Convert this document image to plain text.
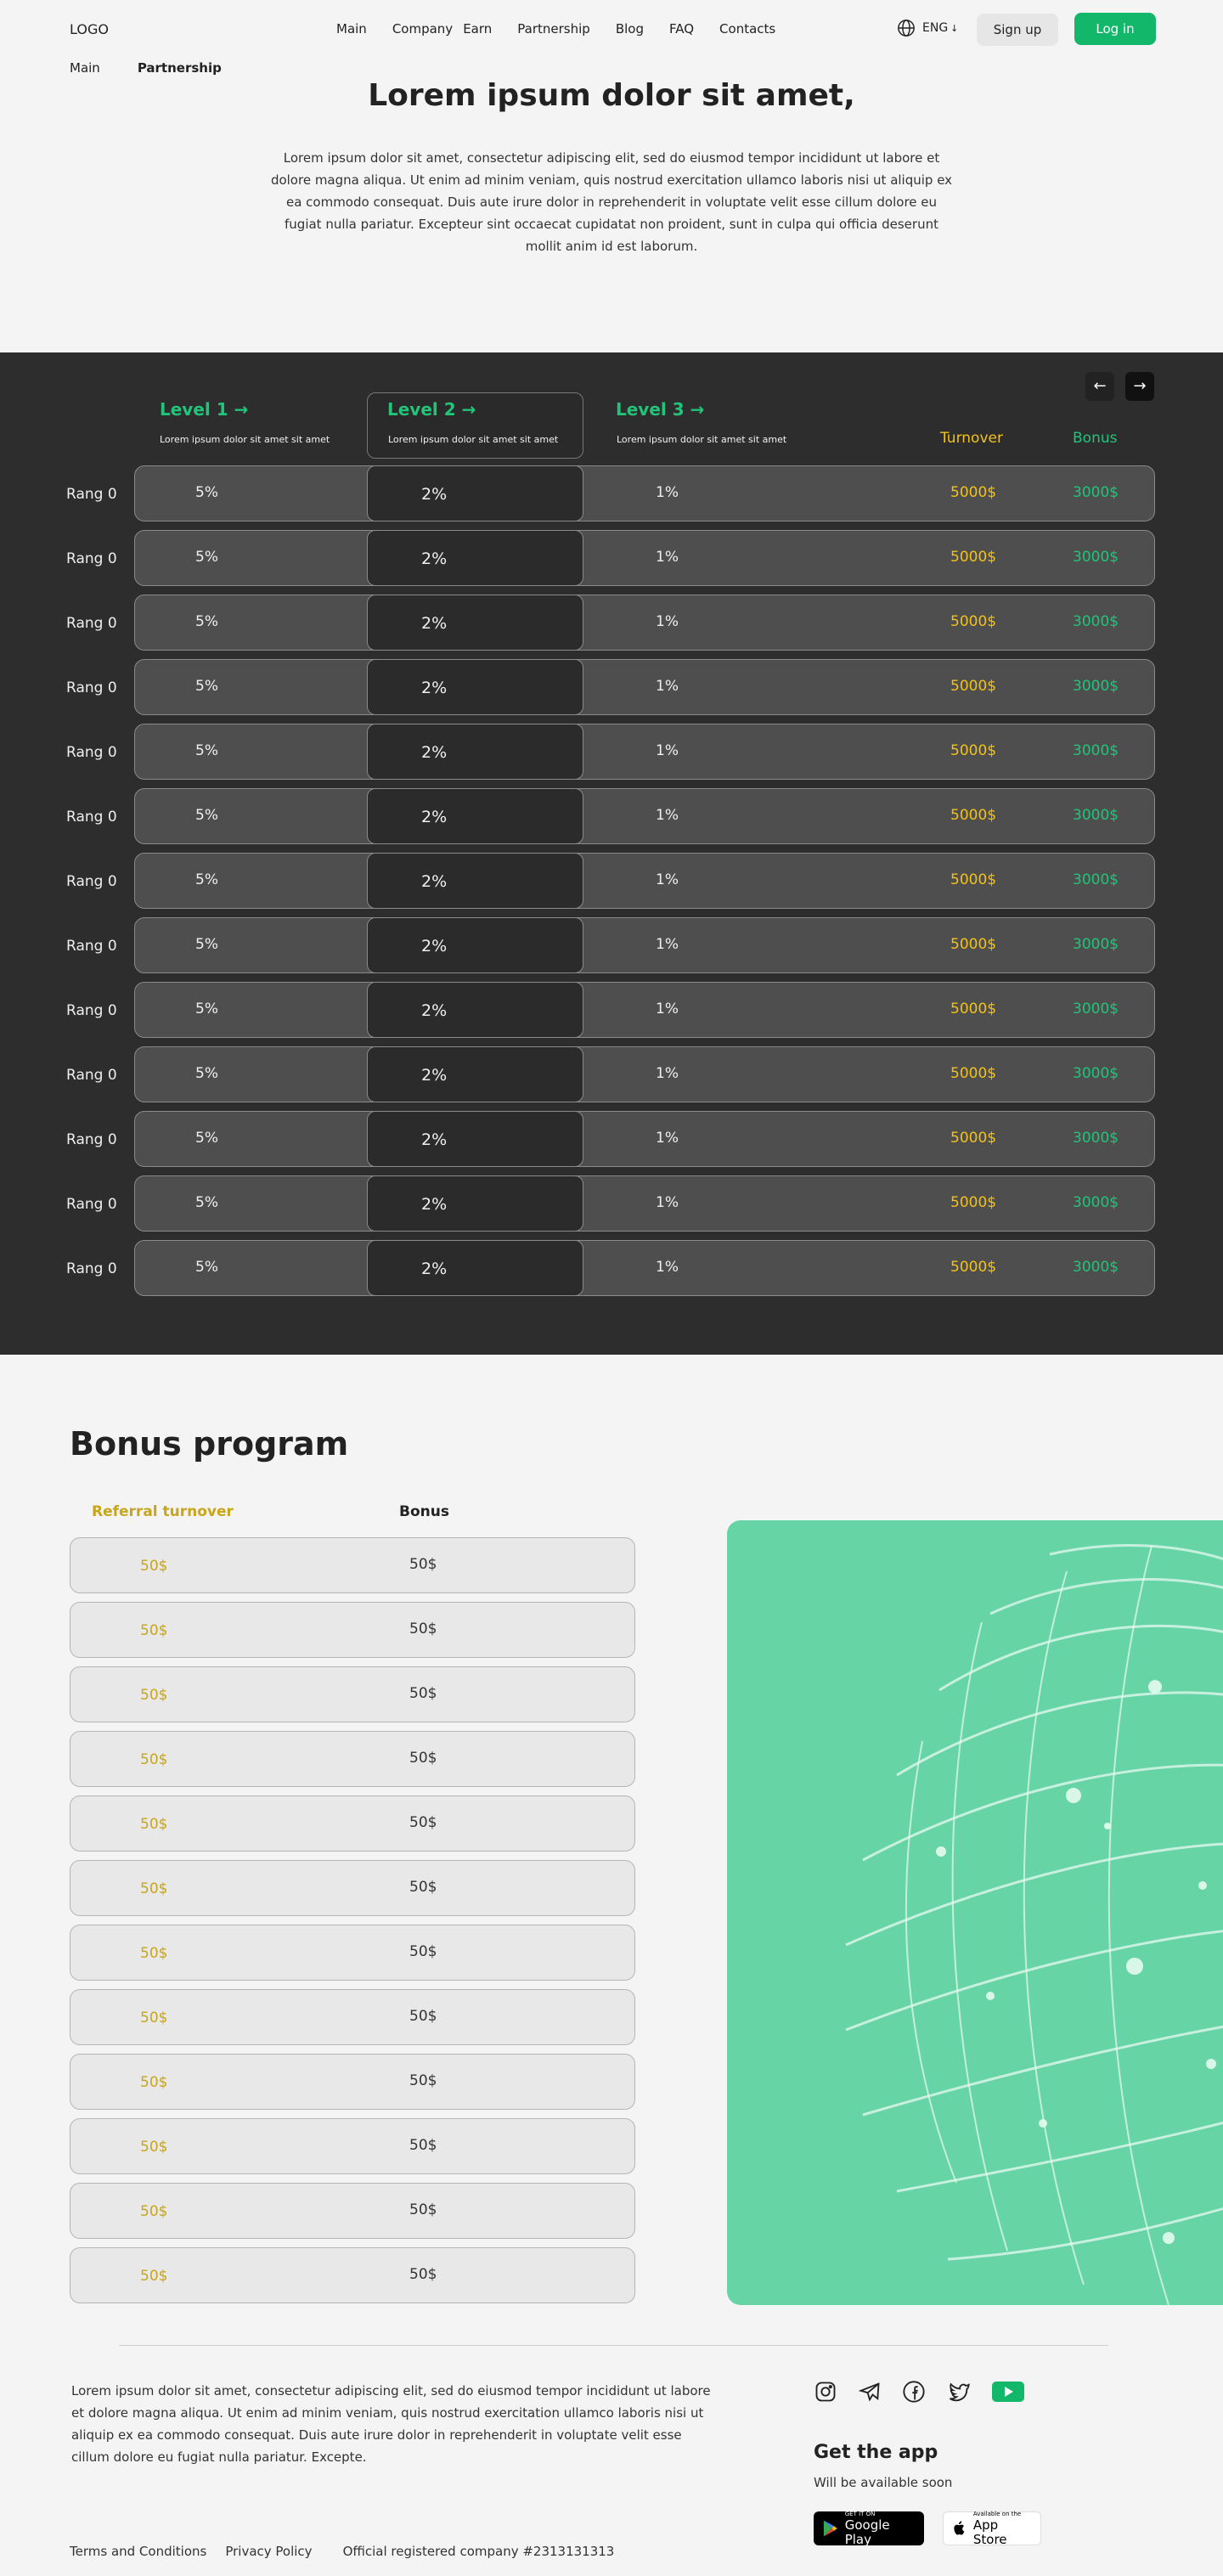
LOGO	Main Company Earn Partnership Blog FAQ Contacts	ENG ↓	Sign up	Log in
Main	Partnership
Lorem ipsum dolor sit amet,

Lorem ipsum dolor sit amet, consectetur adipiscing elit, sed do eiusmod tempor incididunt ut labore et dolore magna aliqua. Ut enim ad minim veniam, quis nostrud exercitation ullamco laboris nisi ut aliquip ex ea commodo consequat. Duis aute irure dolor in reprehenderit in voluptate velit esse cillum dolore eu fugiat nulla pariatur. Excepteur sint occaecat cupidatat non proident, sunt in culpa qui officia deserunt mollit anim id est laborum.

←	→
Level 1 →	Level 2 →	Level 3 →
Lorem ipsum dolor sit amet sit amet	Lorem ipsum dolor sit amet sit amet	Lorem ipsum dolor sit amet sit amet	Turnover	Bonus
Rang 0	5%	2%	1%	5000$	3000$
Rang 0	5%	2%	1%	5000$	3000$
Rang 0	5%	2%	1%	5000$	3000$
Rang 0	5%	2%	1%	5000$	3000$
Rang 0	5%	2%	1%	5000$	3000$
Rang 0	5%	2%	1%	5000$	3000$
Rang 0	5%	2%	1%	5000$	3000$
Rang 0	5%	2%	1%	5000$	3000$
Rang 0	5%	2%	1%	5000$	3000$
Rang 0	5%	2%	1%	5000$	3000$
Rang 0	5%	2%	1%	5000$	3000$
Rang 0	5%	2%	1%	5000$	3000$
Rang 0	5%	2%	1%	5000$	3000$
Bonus program
Referral turnover	Bonus
50$	50$
50$	50$
50$	50$
50$	50$
50$	50$
50$	50$
50$	50$
50$	50$
50$	50$
50$	50$
50$	50$
50$	50$

Lorem ipsum dolor sit amet, consectetur adipiscing elit, sed do eiusmod tempor incididunt ut labore et dolore magna aliqua. Ut enim ad minim veniam, quis nostrud exercitation ullamco laboris nisi ut aliquip ex ea commodo consequat. Duis aute irure dolor in reprehenderit in voluptate velit esse cillum dolore eu fugiat nulla pariatur. Excepte.	Get the app
Will be available soon
GET IT ON
Google Play
Available on the
App Store
Terms and Conditions Privacy Policy Official registered company #2313131313
